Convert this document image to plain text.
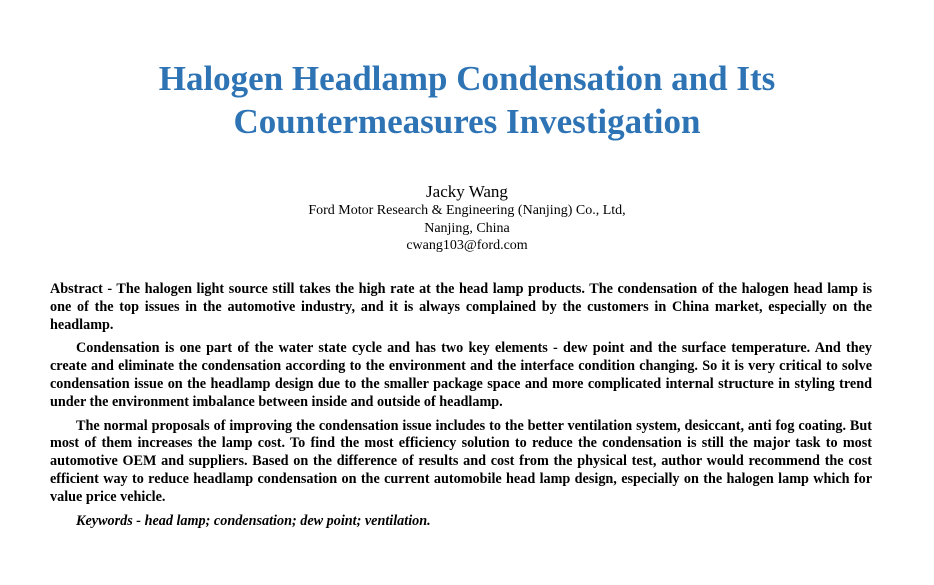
Halogen Headlamp Condensation and Its
Countermeasures Investigation
Jacky Wang
Ford Motor Research & Engineering (Nanjing) Co., Ltd,
Nanjing, China
cwang103@ford.com

Abstract - The halogen light source still takes the high rate at the head lamp products. The condensation of the halogen head lamp is one of the top issues in the automotive industry, and it is always complained by the customers in China market, especially on the headlamp.

Condensation is one part of the water state cycle and has two key elements - dew point and the surface temperature. And they create and eliminate the condensation according to the environment and the interface condition changing. So it is very critical to solve condensation issue on the headlamp design due to the smaller package space and more complicated internal structure in styling trend under the environment imbalance between inside and outside of headlamp.

The normal proposals of improving the condensation issue includes to the better ventilation system, desiccant, anti fog coating. But most of them increases the lamp cost. To find the most efficiency solution to reduce the condensation is still the major task to most automotive OEM and suppliers. Based on the difference of results and cost from the physical test, author would recommend the cost efficient way to reduce headlamp condensation on the current automobile head lamp design, especially on the halogen lamp which for value price vehicle.

Keywords - head lamp; condensation; dew point; ventilation.
